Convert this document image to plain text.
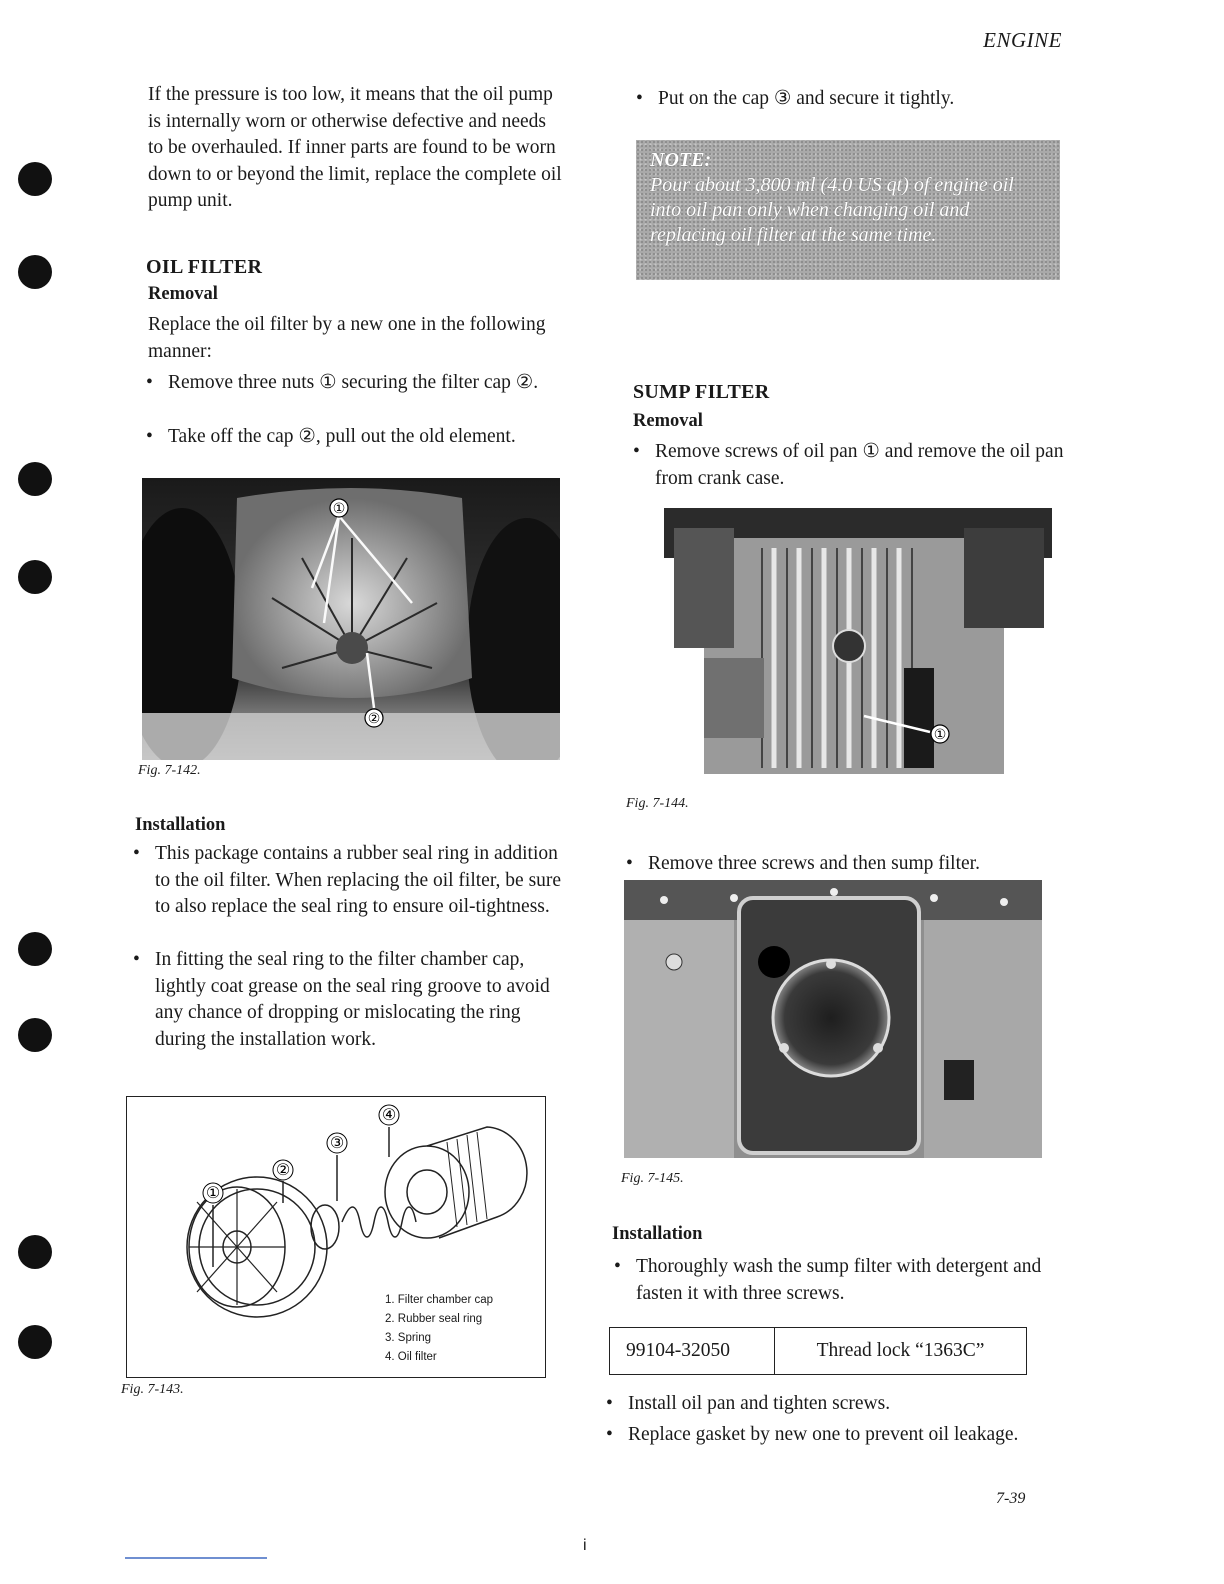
ENGINE
If the pressure is too low, it means that the oil pump is internally worn or otherwise defective and needs to be overhauled. If inner parts are found to be worn down to or beyond the limit, replace the complete oil pump unit.
OIL FILTER
Removal
Replace the oil filter by a new one in the following manner:
• Remove three nuts ① securing the filter cap ②.
• Take off the cap ②, pull out the old element.
①
②
Fig. 7-142.
Installation
• This package contains a rubber seal ring in addition to the oil filter. When replacing the oil filter, be sure to also replace the seal ring to ensure oil-tightness.
• In fitting the seal ring to the filter chamber cap, lightly coat grease on the seal ring groove to avoid any chance of dropping or mislocating the ring during the installation work.
①
②
③
④
1. Filter chamber cap
2. Rubber seal ring
3. Spring
4. Oil filter
Fig. 7-143.
• Put on the cap ③ and secure it tightly.
NOTE:
Pour about 3,800 ml (4.0 US qt) of engine oil into oil pan only when changing oil and replacing oil filter at the same time.
SUMP FILTER
Removal
• Remove screws of oil pan ① and remove the oil pan from crank case.
①
Fig. 7-144.
• Remove three screws and then sump filter.
Fig. 7-145.
Installation
• Thoroughly wash the sump filter with detergent and fasten it with three screws.
99104-32050	Thread lock “1363C”
• Install oil pan and tighten screws.
• Replace gasket by new one to prevent oil leakage.
7-39
i
